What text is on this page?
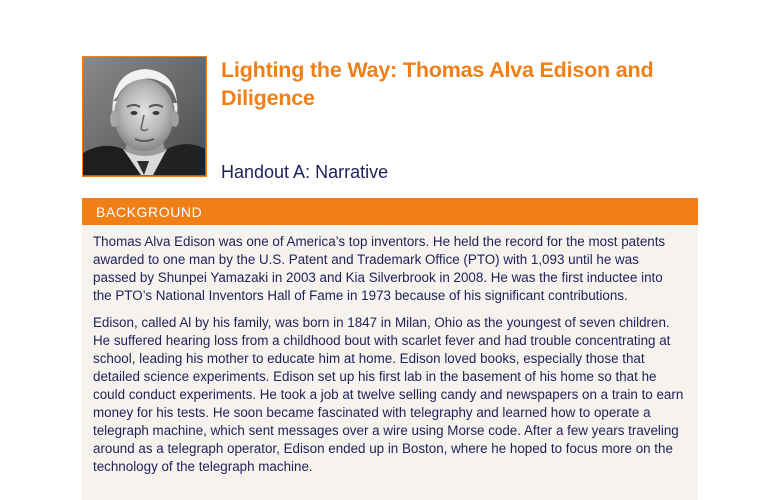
Lighting the Way: Thomas Alva Edison and Diligence
Handout A: Narrative
BACKGROUND

Thomas Alva Edison was one of America’s top inventors. He held the record for the most patents awarded to one man by the U.S. Patent and Trademark Office (PTO) with 1,093 until he was passed by Shunpei Yamazaki in 2003 and Kia Silverbrook in 2008. He was the first inductee into the PTO’s National Inventors Hall of Fame in 1973 because of his significant contributions.

Edison, called Al by his family, was born in 1847 in Milan, Ohio as the youngest of seven children. He suffered hearing loss from a childhood bout with scarlet fever and had trouble concentrating at school, leading his mother to educate him at home. Edison loved books, especially those that detailed science experiments. Edison set up his first lab in the basement of his home so that he could conduct experiments. He took a job at twelve selling candy and newspapers on a train to earn money for his tests. He soon became fascinated with telegraphy and learned how to operate a telegraph machine, which sent messages over a wire using Morse code. After a few years traveling around as a telegraph operator, Edison ended up in Boston, where he hoped to focus more on the technology of the telegraph machine.
